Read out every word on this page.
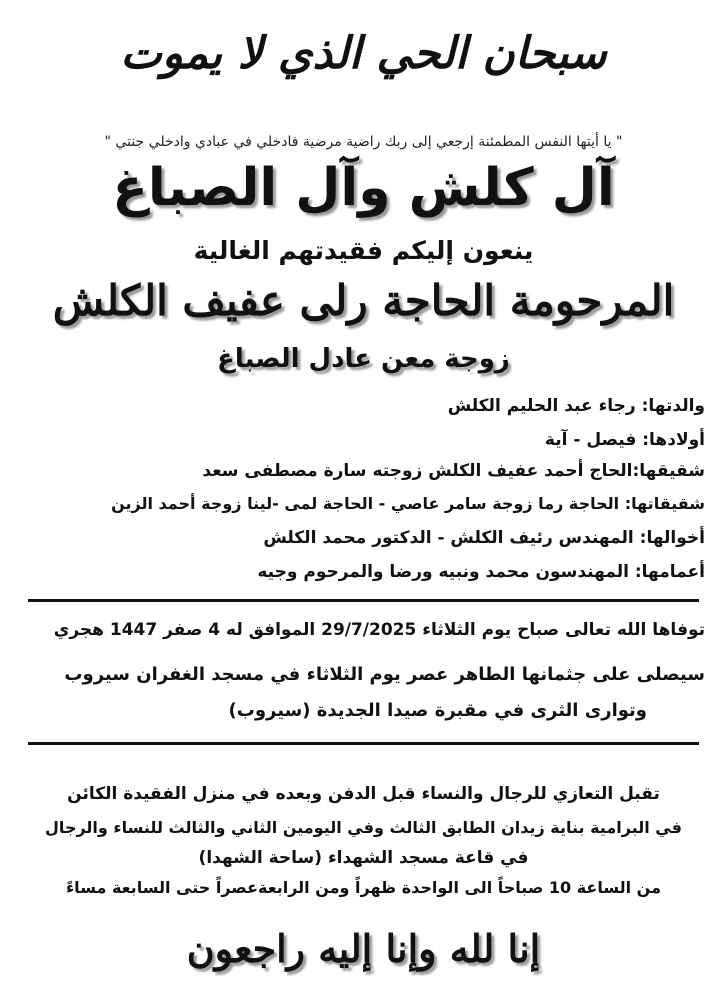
سبحان الحي الذي لا يموت
" يا أيتها النفس المطمئنة إرجعي إلى ربك راضية مرضية فادخلي في عبادي وادخلي جنتي "
آل كلش وآل الصباغ
ينعون إليكم فقيدتهم الغالية
المرحومة الحاجة رلى عفيف الكلش
زوجة معن عادل الصباغ
والدتها: رجاء عبد الحليم الكلش
أولادها: فيصل - آية
شقيقها:الحاج أحمد عفيف الكلش زوجته سارة مصطفى سعد
شقيقاتها: الحاجة رما زوجة سامر عاصي - الحاجة لمى -لينا زوجة أحمد الزين
أخوالها: المهندس رئيف الكلش - الدكتور محمد الكلش
أعمامها: المهندسون محمد ونبيه ورضا والمرحوم وجيه
توفاها الله تعالى صباح يوم الثلاثاء 29/7/2025 الموافق له 4 صفر 1447 هجري
سيصلى على جثمانها الطاهر عصر يوم الثلاثاء في مسجد الغفران سيروب
وتوارى الثرى في مقبرة صيدا الجديدة (سيروب)
تقبل التعازي للرجال والنساء قبل الدفن وبعده في منزل الفقيدة الكائن
في البرامية بناية زيدان الطابق الثالث وفي اليومين الثاني والثالث للنساء والرجال
في قاعة مسجد الشهداء (ساحة الشهدا)
من الساعة 10 صباحاً الى الواحدة ظهراً ومن الرابعةعصراً حتى السابعة مساءً
إنا لله وإنا إليه راجعون
